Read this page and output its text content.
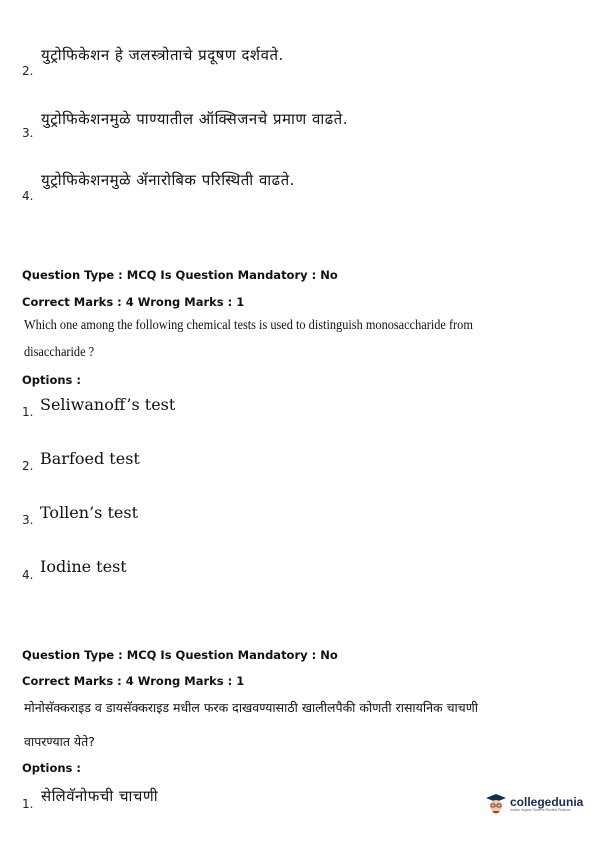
2.
युट्रोफिकेशन हे जलस्त्रोताचे प्रदूषण दर्शवते.
3.
युट्रोफिकेशनमुळे पाण्यातील ऑक्सिजनचे प्रमाण वाढते.
4.
युट्रोफिकेशनमुळे ॲनारोबिक परिस्थिती वाढते.
Question Type : MCQ Is Question Mandatory : No
Correct Marks : 4 Wrong Marks : 1
Which one among the following chemical tests is used to distinguish monosaccharide from
disaccharide ?
Options :
1. Seliwanoff’s test
2. Barfoed test
3. Tollen’s test
4. Iodine test
Question Type : MCQ Is Question Mandatory : No
Correct Marks : 4 Wrong Marks : 1
मोनोसॅक्कराइड व डायसॅक्कराइड मधील फरक दाखवण्यासाठी खालीलपैकी कोणती रासायनिक चाचणी
वापरण्यात येते?
Options :
1. सेलिवॅनोफची चाचणी	collegedunia
India's largest Student Review Platform
